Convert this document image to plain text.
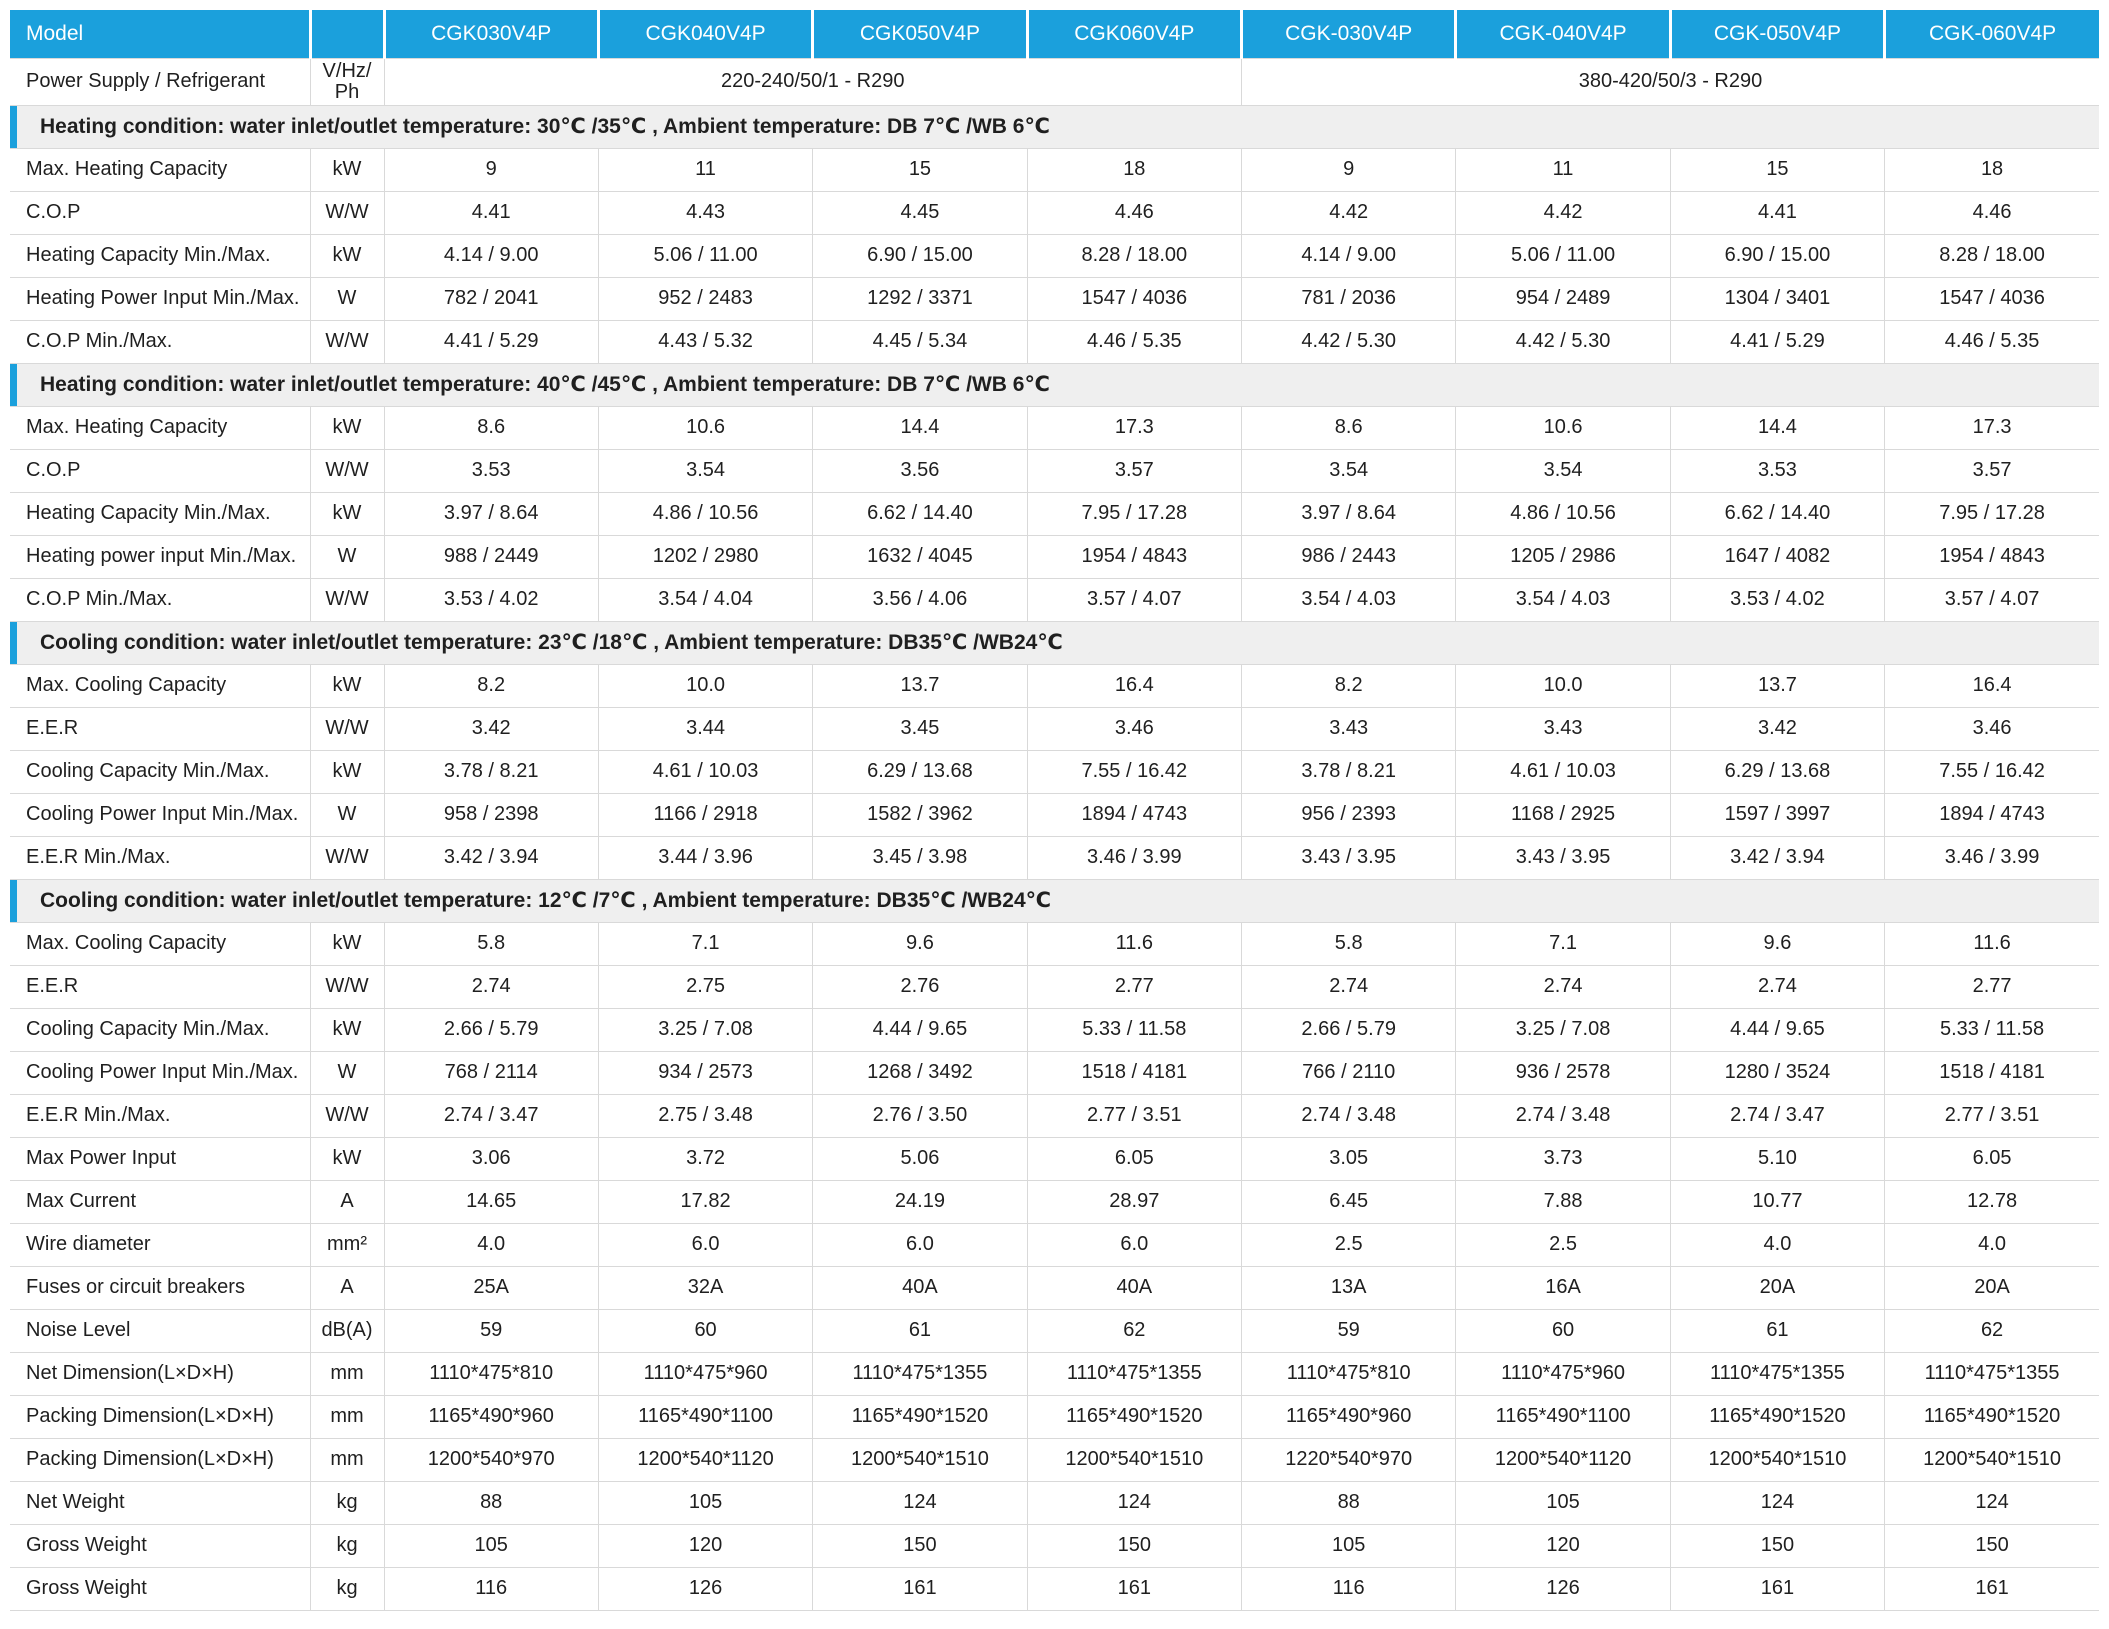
Model		CGK030V4P	CGK040V4P	CGK050V4P	CGK060V4P	CGK-030V4P	CGK-040V4P	CGK-050V4P	CGK-060V4P
Power Supply / Refrigerant	V/Hz/
Ph	220-240/50/1 - R290				380-420/50/3 - R290			
Heating condition: water inlet/outlet temperature: 30℃ /35℃ , Ambient temperature: DB 7℃ /WB 6℃									
Max. Heating Capacity	kW	9	11	15	18	9	11	15	18
C.O.P	W/W	4.41	4.43	4.45	4.46	4.42	4.42	4.41	4.46
Heating Capacity Min./Max.	kW	4.14 / 9.00	5.06 / 11.00	6.90 / 15.00	8.28 / 18.00	4.14 / 9.00	5.06 / 11.00	6.90 / 15.00	8.28 / 18.00
Heating Power Input Min./Max.	W	782 / 2041	952 / 2483	1292 / 3371	1547 / 4036	781 / 2036	954 / 2489	1304 / 3401	1547 / 4036
C.O.P Min./Max.	W/W	4.41 / 5.29	4.43 / 5.32	4.45 / 5.34	4.46 / 5.35	4.42 / 5.30	4.42 / 5.30	4.41 / 5.29	4.46 / 5.35
Heating condition: water inlet/outlet temperature: 40℃ /45℃ , Ambient temperature: DB 7℃ /WB 6℃									
Max. Heating Capacity	kW	8.6	10.6	14.4	17.3	8.6	10.6	14.4	17.3
C.O.P	W/W	3.53	3.54	3.56	3.57	3.54	3.54	3.53	3.57
Heating Capacity Min./Max.	kW	3.97 / 8.64	4.86 / 10.56	6.62 / 14.40	7.95 / 17.28	3.97 / 8.64	4.86 / 10.56	6.62 / 14.40	7.95 / 17.28
Heating power input Min./Max.	W	988 / 2449	1202 / 2980	1632 / 4045	1954 / 4843	986 / 2443	1205 / 2986	1647 / 4082	1954 / 4843
C.O.P Min./Max.	W/W	3.53 / 4.02	3.54 / 4.04	3.56 / 4.06	3.57 / 4.07	3.54 / 4.03	3.54 / 4.03	3.53 / 4.02	3.57 / 4.07
Cooling condition: water inlet/outlet temperature: 23℃ /18℃ , Ambient temperature: DB35℃ /WB24℃									
Max. Cooling Capacity	kW	8.2	10.0	13.7	16.4	8.2	10.0	13.7	16.4
E.E.R	W/W	3.42	3.44	3.45	3.46	3.43	3.43	3.42	3.46
Cooling Capacity Min./Max.	kW	3.78 / 8.21	4.61 / 10.03	6.29 / 13.68	7.55 / 16.42	3.78 / 8.21	4.61 / 10.03	6.29 / 13.68	7.55 / 16.42
Cooling Power Input Min./Max.	W	958 / 2398	1166 / 2918	1582 / 3962	1894 / 4743	956 / 2393	1168 / 2925	1597 / 3997	1894 / 4743
E.E.R Min./Max.	W/W	3.42 / 3.94	3.44 / 3.96	3.45 / 3.98	3.46 / 3.99	3.43 / 3.95	3.43 / 3.95	3.42 / 3.94	3.46 / 3.99
Cooling condition: water inlet/outlet temperature: 12℃ /7℃ , Ambient temperature: DB35℃ /WB24℃									
Max. Cooling Capacity	kW	5.8	7.1	9.6	11.6	5.8	7.1	9.6	11.6
E.E.R	W/W	2.74	2.75	2.76	2.77	2.74	2.74	2.74	2.77
Cooling Capacity Min./Max.	kW	2.66 / 5.79	3.25 / 7.08	4.44 / 9.65	5.33 / 11.58	2.66 / 5.79	3.25 / 7.08	4.44 / 9.65	5.33 / 11.58
Cooling Power Input Min./Max.	W	768 / 2114	934 / 2573	1268 / 3492	1518 / 4181	766 / 2110	936 / 2578	1280 / 3524	1518 / 4181
E.E.R Min./Max.	W/W	2.74 / 3.47	2.75 / 3.48	2.76 / 3.50	2.77 / 3.51	2.74 / 3.48	2.74 / 3.48	2.74 / 3.47	2.77 / 3.51
Max Power Input	kW	3.06	3.72	5.06	6.05	3.05	3.73	5.10	6.05
Max Current	A	14.65	17.82	24.19	28.97	6.45	7.88	10.77	12.78
Wire diameter	mm²	4.0	6.0	6.0	6.0	2.5	2.5	4.0	4.0
Fuses or circuit breakers	A	25A	32A	40A	40A	13A	16A	20A	20A
Noise Level	dB(A)	59	60	61	62	59	60	61	62
Net Dimension(L×D×H)	mm	1110*475*810	1110*475*960	1110*475*1355	1110*475*1355	1110*475*810	1110*475*960	1110*475*1355	1110*475*1355
Packing Dimension(L×D×H)	mm	1165*490*960	1165*490*1100	1165*490*1520	1165*490*1520	1165*490*960	1165*490*1100	1165*490*1520	1165*490*1520
Packing Dimension(L×D×H)	mm	1200*540*970	1200*540*1120	1200*540*1510	1200*540*1510	1220*540*970	1200*540*1120	1200*540*1510	1200*540*1510
Net Weight	kg	88	105	124	124	88	105	124	124
Gross Weight	kg	105	120	150	150	105	120	150	150
Gross Weight	kg	116	126	161	161	116	126	161	161
